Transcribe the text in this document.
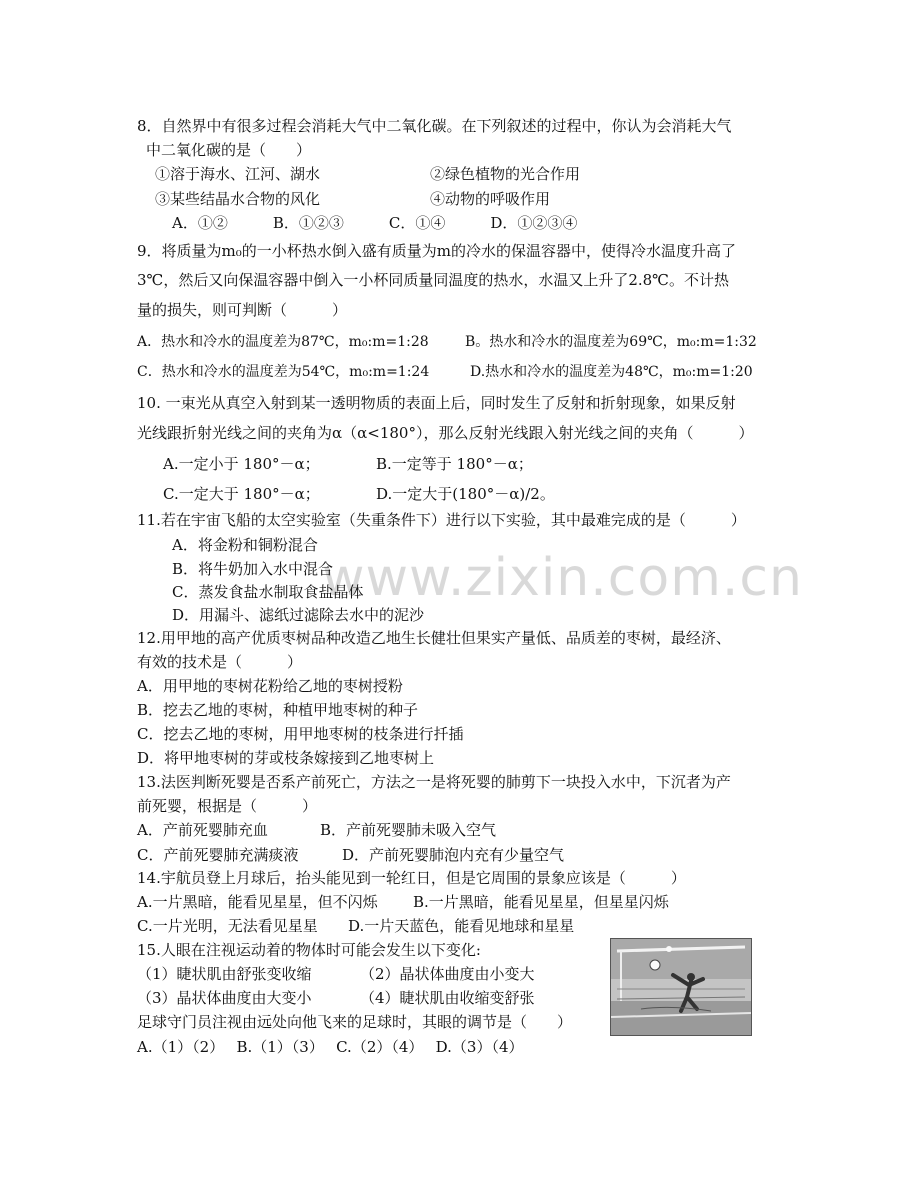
www.zixin.com.cn
8．自然界中有很多过程会消耗大气中二氧化碳。在下列叙述的过程中，你认为会消耗大气
中二氧化碳的是（　　）
①溶于海水、江河、湖水	②绿色植物的光合作用
③某些结晶水合物的风化	④动物的呼吸作用
A．①②　　　B．①②③　　　C．①④　　　D．①②③④
9．将质量为m₀的一小杯热水倒入盛有质量为m的冷水的保温容器中，使得冷水温度升高了
3℃，然后又向保温容器中倒入一小杯同质量同温度的热水，水温又上升了2.8℃。不计热
量的损失，则可判断（　　　）
A．热水和冷水的温度差为87℃，m₀:m=1:28	B。热水和冷水的温度差为69℃，m₀:m=1:32
C．热水和冷水的温度差为54℃，m₀:m=1:24	D.热水和冷水的温度差为48℃，m₀:m=1:20
10. 一束光从真空入射到某一透明物质的表面上后，同时发生了反射和折射现象，如果反射
光线跟折射光线之间的夹角为α（α<180°），那么反射光线跟入射光线之间的夹角（　　　）
A.一定小于 180°－α；	B.一定等于 180°－α；
C.一定大于 180°－α；	D.一定大于(180°－α)/2。
11.若在宇宙飞船的太空实验室（失重条件下）进行以下实验，其中最难完成的是（　　　）
A．将金粉和铜粉混合
B．将牛奶加入水中混合
C．蒸发食盐水制取食盐晶体
D．用漏斗、滤纸过滤除去水中的泥沙
12.用甲地的高产优质枣树品种改造乙地生长健壮但果实产量低、品质差的枣树，最经济、
有效的技术是（　　　）
A．用甲地的枣树花粉给乙地的枣树授粉
B．挖去乙地的枣树，种植甲地枣树的种子
C．挖去乙地的枣树，用甲地枣树的枝条进行扦插
D．将甲地枣树的芽或枝条嫁接到乙地枣树上
13.法医判断死婴是否系产前死亡，方法之一是将死婴的肺剪下一块投入水中，下沉者为产
前死婴，根据是（　　　）
A．产前死婴肺充血	B．产前死婴肺未吸入空气
C．产前死婴肺充满痰液	D．产前死婴肺泡内充有少量空气
14.宇航员登上月球后，抬头能见到一轮红日，但是它周围的景象应该是（　　　）
A.一片黑暗，能看见星星，但不闪烁 B.一片黑暗，能看见星星，但星星闪烁
C.一片光明，无法看见星星 D.一片天蓝色，能看见地球和星星
15.人眼在注视运动着的物体时可能会发生以下变化:
（1）睫状肌由舒张变收缩	（2）晶状体曲度由小变大
（3）晶状体曲度由大变小	（4）睫状肌由收缩变舒张
足球守门员注视由远处向他飞来的足球时，其眼的调节是（　　）
A.（1）（2）　 B.（1）（3）　 C.（2）（4）　 D.（3）（4）
